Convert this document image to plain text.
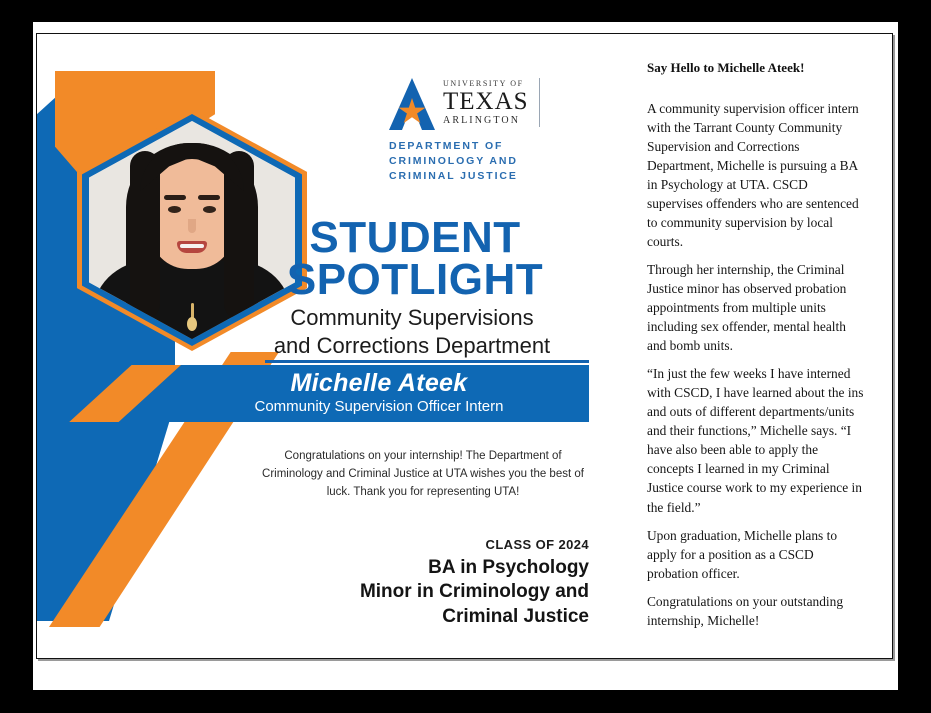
UNIVERSITY OF
TEXAS
ARLINGTON
DEPARTMENT OF
CRIMINOLOGY AND
CRIMINAL JUSTICE
STUDENT
SPOTLIGHT
Community Supervisions
and Corrections Department
Michelle Ateek
Community Supervision Officer Intern
Congratulations on your internship! The Department of Criminology and Criminal Justice at UTA wishes you the best of luck. Thank you for representing UTA!
CLASS OF 2024
BA in Psychology
Minor in Criminology and
Criminal Justice
Say Hello to Michelle Ateek!

A community supervision officer intern with the Tarrant County Community Supervision and Corrections Department, Michelle is pursuing a BA in Psychology at UTA. CSCD supervises offenders who are sentenced to community supervision by local courts.

Through her internship, the Criminal Justice minor has observed probation appointments from multiple units including sex offender, mental health and bomb units.

“In just the few weeks I have interned with CSCD, I have learned about the ins and outs of different departments/units and their functions,” Michelle says. “I have also been able to apply the concepts I learned in my Criminal Justice course work to my experience in the field.”

Upon graduation, Michelle plans to apply for a position as a CSCD probation officer.

Congratulations on your outstanding internship, Michelle!
